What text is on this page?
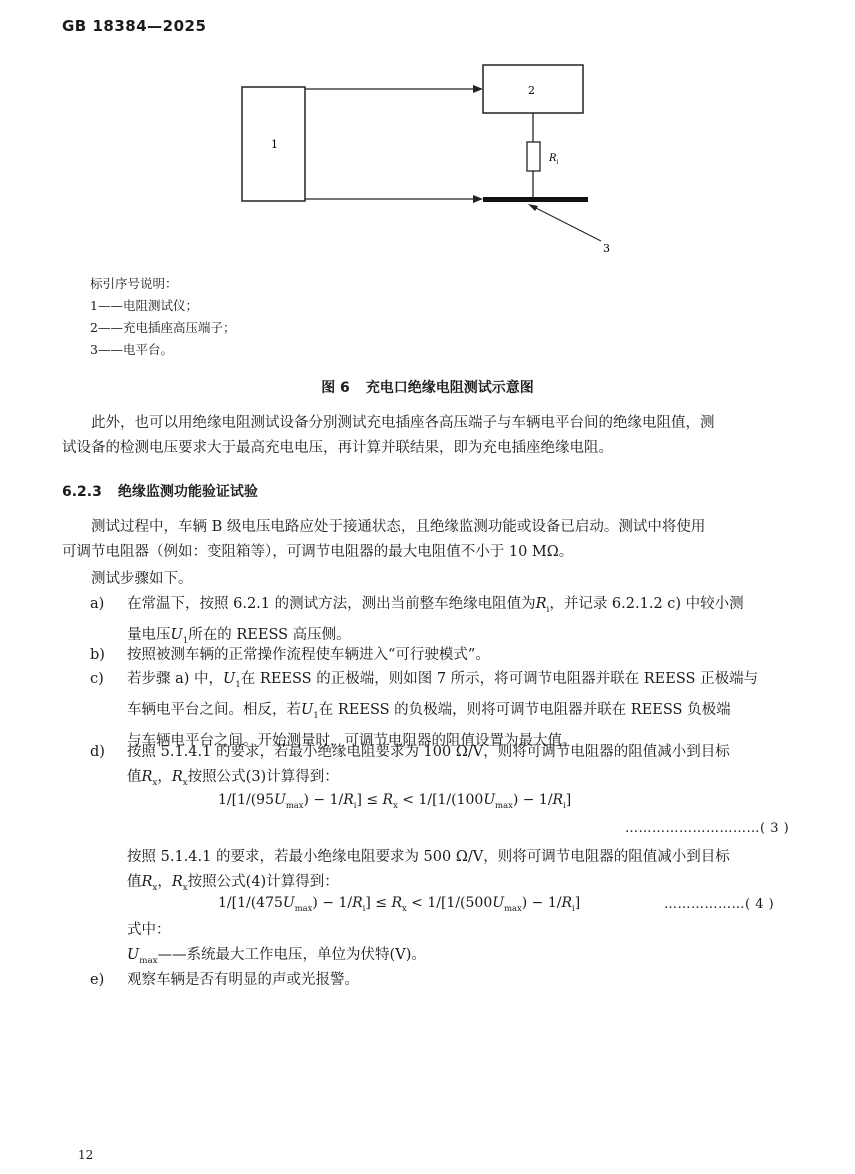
GB 18384—2025
1
2
$R_i$
3
标引序号说明：
1——电阻测试仪；
2——充电插座高压端子；
3——电平台。
图 6 充电口绝缘电阻测试示意图
此外，也可以用绝缘电阻测试设备分别测试充电插座各高压端子与车辆电平台间的绝缘电阻值，测
试设备的检测电压要求大于最高充电电压，再计算并联结果，即为充电插座绝缘电阻。
6.2.3 绝缘监测功能验证试验
测试过程中，车辆 B 级电压电路应处于接通状态，且绝缘监测功能或设备已启动。测试中将使用
可调节电阻器（例如：变阻箱等），可调节电阻器的最大电阻值不小于 10 MΩ。
测试步骤如下。
a) 在常温下，按照 6.2.1 的测试方法，测出当前整车绝缘电阻值为$R_i$，并记录 6.2.1.2 c) 中较小测
量电压$U_1$所在的 REESS 高压侧。
b) 按照被测车辆的正常操作流程使车辆进入“可行驶模式”。
c) 若步骤 a) 中，$U_1$在 REESS 的正极端，则如图 7 所示，将可调节电阻器并联在 REESS 正极端与
车辆电平台之间。相反，若$U_1$在 REESS 的负极端，则将可调节电阻器并联在 REESS 负极端
与车辆电平台之间。开始测量时，可调节电阻器的阻值设置为最大值。
d) 按照 5.1.4.1 的要求，若最小绝缘电阻要求为 100 Ω/V，则将可调节电阻器的阻值减小到目标
值$R_x$，$R_x$按照公式(3)计算得到：
$1/[1/(95U_{max}) - 1/R_i] \le R_x < 1/[1/(100U_{max}) - 1/R_i]$
…………………………( 3 )
按照 5.1.4.1 的要求，若最小绝缘电阻要求为 500 Ω/V，则将可调节电阻器的阻值减小到目标
值$R_x$，$R_x$按照公式(4)计算得到：
$1/[1/(475U_{max}) - 1/R_i] \le R_x < 1/[1/(500U_{max}) - 1/R_i]$	………………( 4 )
式中：
$U_{max}——$系统最大工作电压，单位为伏特(V)。
e) 观察车辆是否有明显的声或光报警。
12
